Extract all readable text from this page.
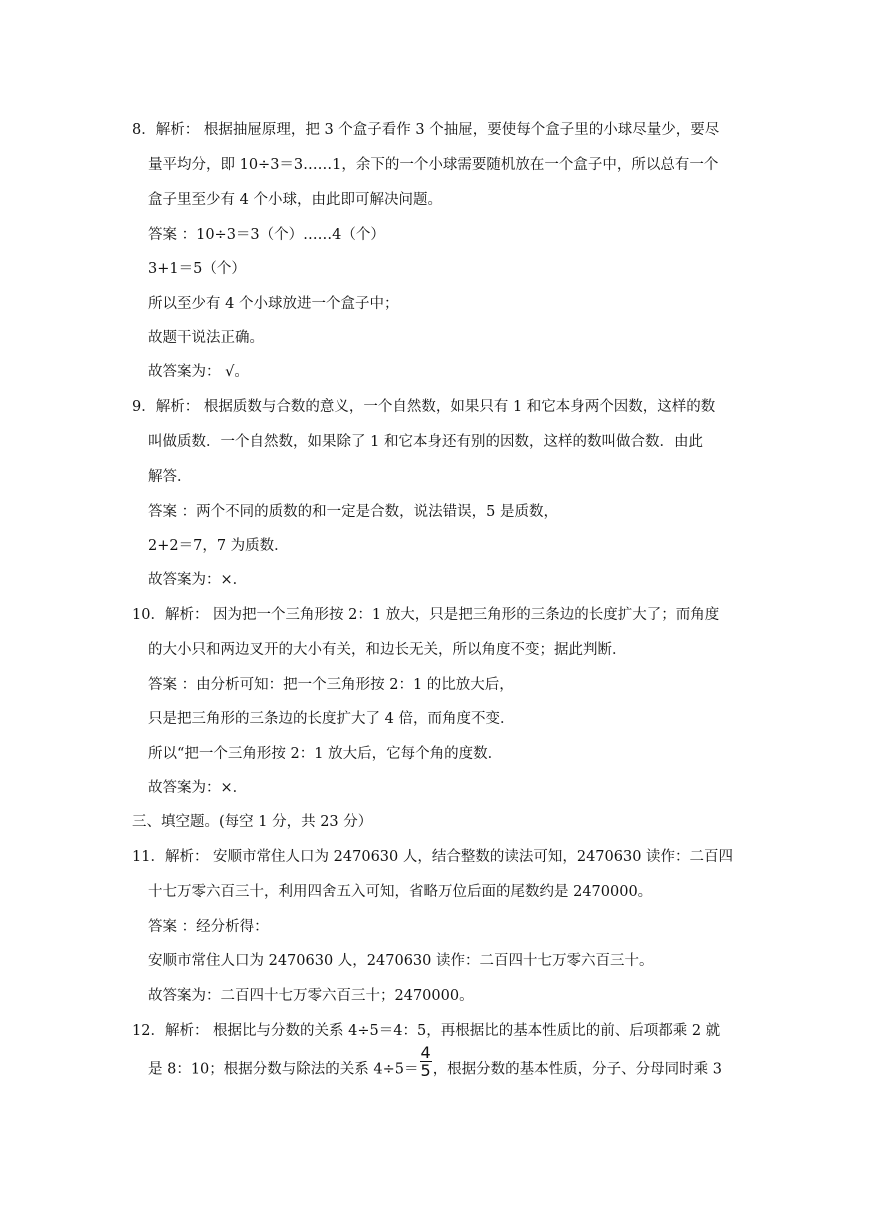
8．解析： 根据抽屉原理，把 3 个盒子看作 3 个抽屉，要使每个盒子里的小球尽量少，要尽
量平均分，即 10÷3＝3……1，余下的一个小球需要随机放在一个盒子中，所以总有一个
盒子里至少有 4 个小球，由此即可解决问题。
答案 ：10÷3＝3（个）……4（个）
3+1＝5（个）
所以至少有 4 个小球放进一个盒子中；
故题干说法正确。
故答案为： √。
9．解析： 根据质数与合数的意义，一个自然数，如果只有 1 和它本身两个因数，这样的数
叫做质数．一个自然数，如果除了 1 和它本身还有别的因数，这样的数叫做合数．由此
解答．
答案 ：两个不同的质数的和一定是合数，说法错误，5 是质数，
2+2＝7，7 为质数．
故答案为：×．
10．解析： 因为把一个三角形按 2：1 放大，只是把三角形的三条边的长度扩大了；而角度
的大小只和两边叉开的大小有关，和边长无关，所以角度不变；据此判断．
答案 ：由分析可知：把一个三角形按 2：1 的比放大后，
只是把三角形的三条边的长度扩大了 4 倍，而角度不变．
所以“把一个三角形按 2：1 放大后，它每个角的度数．
故答案为：×．
三、填空题。(每空 1 分，共 23 分）
11．解析： 安顺市常住人口为 2470630 人，结合整数的读法可知，2470630 读作：二百四
十七万零六百三十，利用四舍五入可知，省略万位后面的尾数约是 2470000。
答案 ：经分析得：
安顺市常住人口为 2470630 人，2470630 读作：二百四十七万零六百三十。
故答案为：二百四十七万零六百三十；2470000。
12．解析： 根据比与分数的关系 4÷5＝4：5，再根据比的基本性质比的前、后项都乘 2 就
是 8：10；根据分数与除法的关系 $4\div 5= \frac{4}{5}$ ，根据分数的基本性质，分子、分母同时乘 3
